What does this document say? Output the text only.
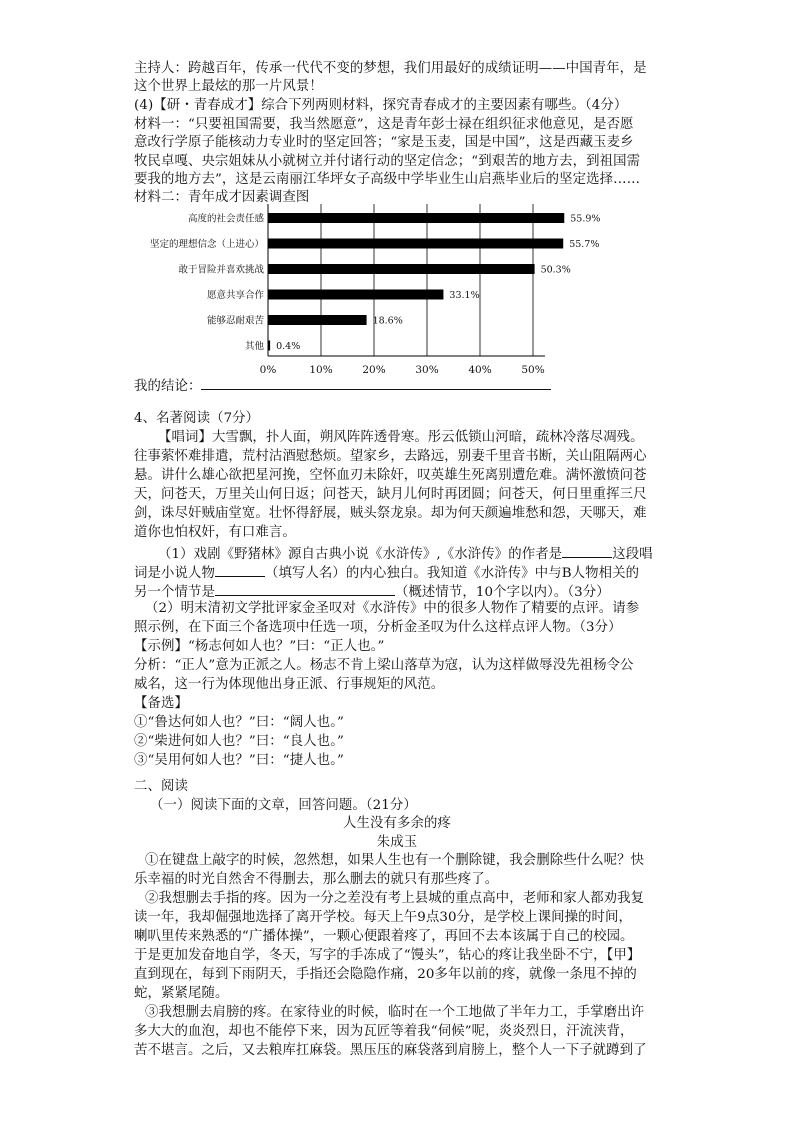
主持人：跨越百年，传承一代代不变的梦想，我们用最好的成绩证明——中国青年，是
这个世界上最炫的那一片风景！
(4)【研・青春成才】综合下列两则材料，探究青春成才的主要因素有哪些。（4分）
材料一：“只要祖国需要，我当然愿意”，这是青年彭士禄在组织征求他意见，是否愿
意改行学原子能核动力专业时的坚定回答；“家是玉麦，国是中国”，这是西藏玉麦乡
牧民卓嘎、央宗姐妹从小就树立并付诸行动的坚定信念；“到艰苦的地方去，到祖国需
要我的地方去”，这是云南丽江华坪女子高级中学毕业生山启燕毕业后的坚定选择……
材料二：青年成才因素调查图
0%	10%	20%	30%	40%	50%
高度的社会责任感	55.9%
坚定的理想信念（上进心）	55.7%
敢于冒险并喜欢挑战	50.3%
愿意共享合作	33.1%
能够忍耐艰苦	18.6%
其他 0.4%
我的结论：
4、名著阅读（7分）
【唱词】大雪飘，扑人面，朔风阵阵透骨寒。彤云低锁山河暗，疏林冷落尽凋残。
往事萦怀难排遣，荒村沽酒慰愁烦。望家乡，去路远，别妻千里音书断，关山阻隔两心
悬。讲什么雄心欲把星河挽，空怀血刃未除奸，叹英雄生死离别遭危难。满怀激愤问苍
天，问苍天，万里关山何日返；问苍天，缺月儿何时再团圆；问苍天，何日里重挥三尺
剑，诛尽奸贼庙堂宽。壮怀得舒展，贼头祭龙泉。却为何天颜遍堆愁和怨，天哪天，难
道你也怕权奸，有口难言。
（1）戏剧《野猪林》源自古典小说《水浒传》,《水浒传》的作者是	这段唱
词是小说人物	（填写人名）的内心独白。我知道《水浒传》中与B人物相关的
另一个情节是	（概述情节，10个字以内）。（3分）
（2）明末清初文学批评家金圣叹对《水浒传》中的很多人物作了精要的点评。请参
照示例，在下面三个备选项中任选一项，分析金圣叹为什么这样点评人物。（3分）
【示例】“杨志何如人也？”曰：“正人也。”
分析：“正人”意为正派之人。杨志不肯上梁山落草为寇，认为这样做辱没先祖杨令公
威名，这一行为体现他出身正派、行事规矩的风范。
【备选】
①“鲁达何如人也？”曰：“阔人也。”
②“柴进何如人也？”曰：“良人也。”
③“吴用何如人也？”曰：“捷人也。”
二、阅读
（一）阅读下面的文章，回答问题。（21分）
人生没有多余的疼
朱成玉
①在键盘上敲字的时候，忽然想，如果人生也有一个删除键，我会删除些什么呢？快
乐幸福的时光自然舍不得删去，那么删去的就只有那些疼了。
②我想删去手指的疼。因为一分之差没有考上县城的重点高中，老师和家人都劝我复
读一年，我却倔强地选择了离开学校。每天上午9点30分，是学校上课间操的时间，
喇叭里传来熟悉的“广播体操”，一颗心便跟着疼了，再回不去本该属于自己的校园。
于是更加发奋地自学，冬天，写字的手冻成了“馒头”，钻心的疼让我坐卧不宁，【甲】
直到现在，每到下雨阴天，手指还会隐隐作痛，20多年以前的疼，就像一条甩不掉的
蛇，紧紧尾随。
③我想删去肩膀的疼。在家待业的时候，临时在一个工地做了半年力工，手掌磨出许
多大大的血泡，却也不能停下来，因为瓦匠等着我“伺候”呢，炎炎烈日，汗流浃背，
苦不堪言。之后，又去粮库扛麻袋。黑压压的麻袋落到肩膀上，整个人一下子就蹲到了
